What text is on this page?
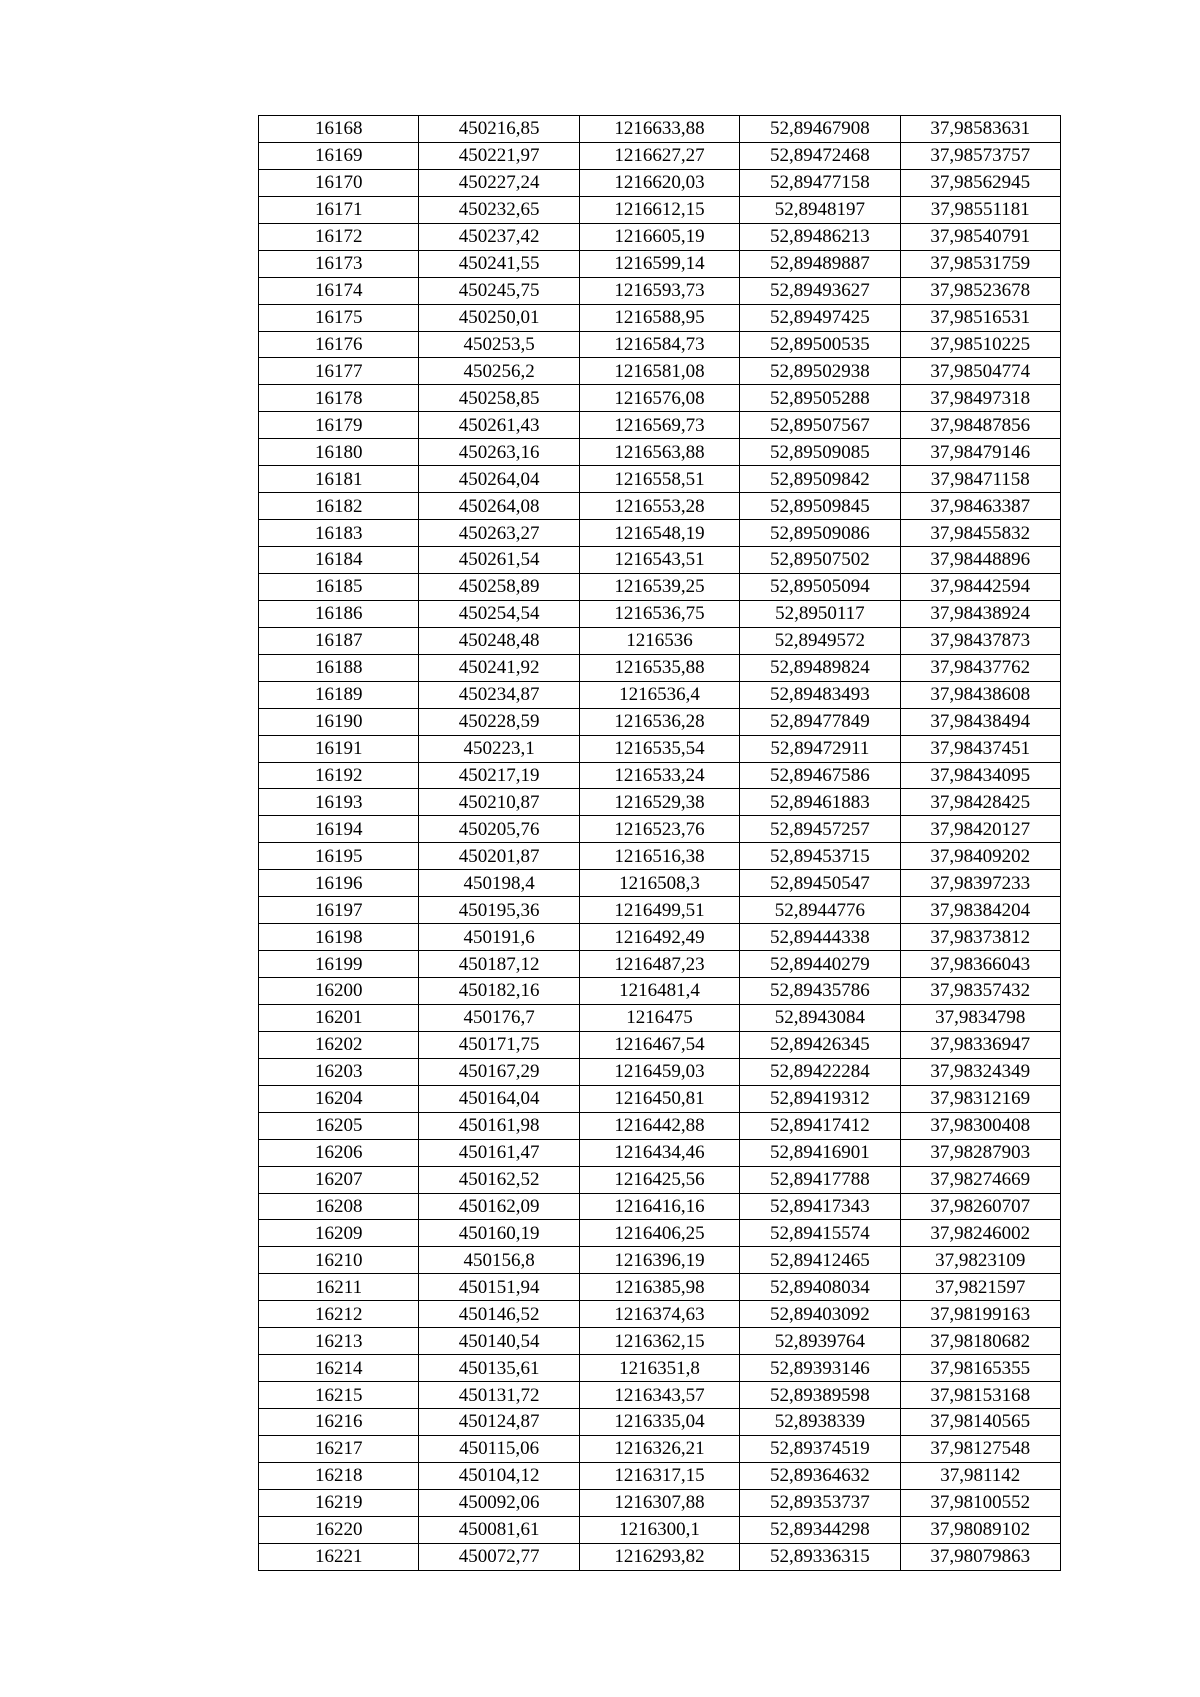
16168	450216,85	1216633,88	52,89467908	37,98583631
16169	450221,97	1216627,27	52,89472468	37,98573757
16170	450227,24	1216620,03	52,89477158	37,98562945
16171	450232,65	1216612,15	52,8948197	37,98551181
16172	450237,42	1216605,19	52,89486213	37,98540791
16173	450241,55	1216599,14	52,89489887	37,98531759
16174	450245,75	1216593,73	52,89493627	37,98523678
16175	450250,01	1216588,95	52,89497425	37,98516531
16176	450253,5	1216584,73	52,89500535	37,98510225
16177	450256,2	1216581,08	52,89502938	37,98504774
16178	450258,85	1216576,08	52,89505288	37,98497318
16179	450261,43	1216569,73	52,89507567	37,98487856
16180	450263,16	1216563,88	52,89509085	37,98479146
16181	450264,04	1216558,51	52,89509842	37,98471158
16182	450264,08	1216553,28	52,89509845	37,98463387
16183	450263,27	1216548,19	52,89509086	37,98455832
16184	450261,54	1216543,51	52,89507502	37,98448896
16185	450258,89	1216539,25	52,89505094	37,98442594
16186	450254,54	1216536,75	52,8950117	37,98438924
16187	450248,48	1216536	52,8949572	37,98437873
16188	450241,92	1216535,88	52,89489824	37,98437762
16189	450234,87	1216536,4	52,89483493	37,98438608
16190	450228,59	1216536,28	52,89477849	37,98438494
16191	450223,1	1216535,54	52,89472911	37,98437451
16192	450217,19	1216533,24	52,89467586	37,98434095
16193	450210,87	1216529,38	52,89461883	37,98428425
16194	450205,76	1216523,76	52,89457257	37,98420127
16195	450201,87	1216516,38	52,89453715	37,98409202
16196	450198,4	1216508,3	52,89450547	37,98397233
16197	450195,36	1216499,51	52,8944776	37,98384204
16198	450191,6	1216492,49	52,89444338	37,98373812
16199	450187,12	1216487,23	52,89440279	37,98366043
16200	450182,16	1216481,4	52,89435786	37,98357432
16201	450176,7	1216475	52,8943084	37,9834798
16202	450171,75	1216467,54	52,89426345	37,98336947
16203	450167,29	1216459,03	52,89422284	37,98324349
16204	450164,04	1216450,81	52,89419312	37,98312169
16205	450161,98	1216442,88	52,89417412	37,98300408
16206	450161,47	1216434,46	52,89416901	37,98287903
16207	450162,52	1216425,56	52,89417788	37,98274669
16208	450162,09	1216416,16	52,89417343	37,98260707
16209	450160,19	1216406,25	52,89415574	37,98246002
16210	450156,8	1216396,19	52,89412465	37,9823109
16211	450151,94	1216385,98	52,89408034	37,9821597
16212	450146,52	1216374,63	52,89403092	37,98199163
16213	450140,54	1216362,15	52,8939764	37,98180682
16214	450135,61	1216351,8	52,89393146	37,98165355
16215	450131,72	1216343,57	52,89389598	37,98153168
16216	450124,87	1216335,04	52,8938339	37,98140565
16217	450115,06	1216326,21	52,89374519	37,98127548
16218	450104,12	1216317,15	52,89364632	37,981142
16219	450092,06	1216307,88	52,89353737	37,98100552
16220	450081,61	1216300,1	52,89344298	37,98089102
16221	450072,77	1216293,82	52,89336315	37,98079863
